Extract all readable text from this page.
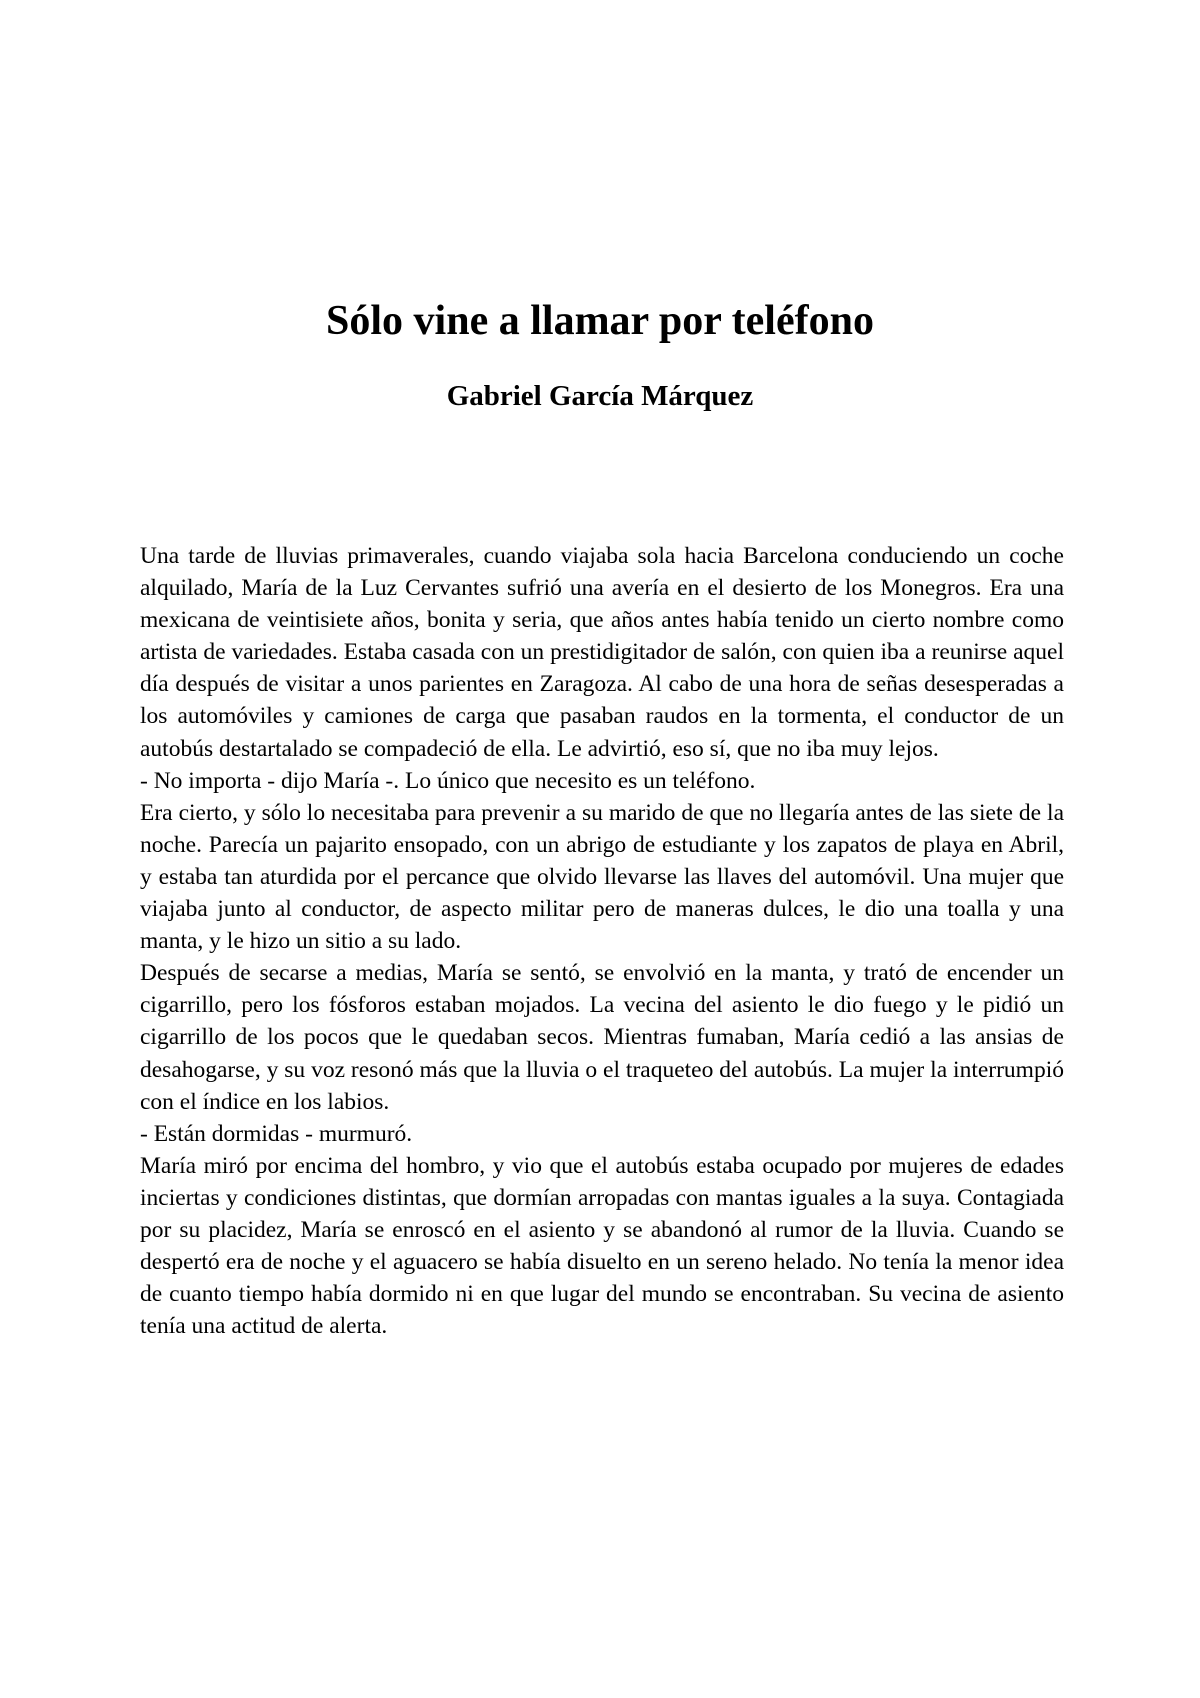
Sólo vine a llamar por teléfono
Gabriel García Márquez

Una tarde de lluvias primaverales, cuando viajaba sola hacia Barcelona conduciendo un coche alquilado, María de la Luz Cervantes sufrió una avería en el desierto de los Monegros. Era una mexicana de veintisiete años, bonita y seria, que años antes había tenido un cierto nombre como artista de variedades. Estaba casada con un prestidigitador de salón, con quien iba a reunirse aquel día después de visitar a unos parientes en Zaragoza. Al cabo de una hora de señas desesperadas a los automóviles y camiones de carga que pasaban raudos en la tormenta, el conductor de un autobús destartalado se compadeció de ella. Le advirtió, eso sí, que no iba muy lejos.

- No importa - dijo María -. Lo único que necesito es un teléfono.

Era cierto, y sólo lo necesitaba para prevenir a su marido de que no llegaría antes de las siete de la noche. Parecía un pajarito ensopado, con un abrigo de estudiante y los zapatos de playa en Abril, y estaba tan aturdida por el percance que olvido llevarse las llaves del automóvil. Una mujer que viajaba junto al conductor, de aspecto militar pero de maneras dulces, le dio una toalla y una manta, y le hizo un sitio a su lado.

Después de secarse a medias, María se sentó, se envolvió en la manta, y trató de encender un cigarrillo, pero los fósforos estaban mojados. La vecina del asiento le dio fuego y le pidió un cigarrillo de los pocos que le quedaban secos. Mientras fumaban, María cedió a las ansias de desahogarse, y su voz resonó más que la lluvia o el traqueteo del autobús. La mujer la interrumpió con el índice en los labios.

- Están dormidas - murmuró.

María miró por encima del hombro, y vio que el autobús estaba ocupado por mujeres de edades inciertas y condiciones distintas, que dormían arropadas con mantas iguales a la suya. Contagiada por su placidez, María se enroscó en el asiento y se abandonó al rumor de la lluvia. Cuando se despertó era de noche y el aguacero se había disuelto en un sereno helado. No tenía la menor idea de cuanto tiempo había dormido ni en que lugar del mundo se encontraban. Su vecina de asiento tenía una actitud de alerta.
